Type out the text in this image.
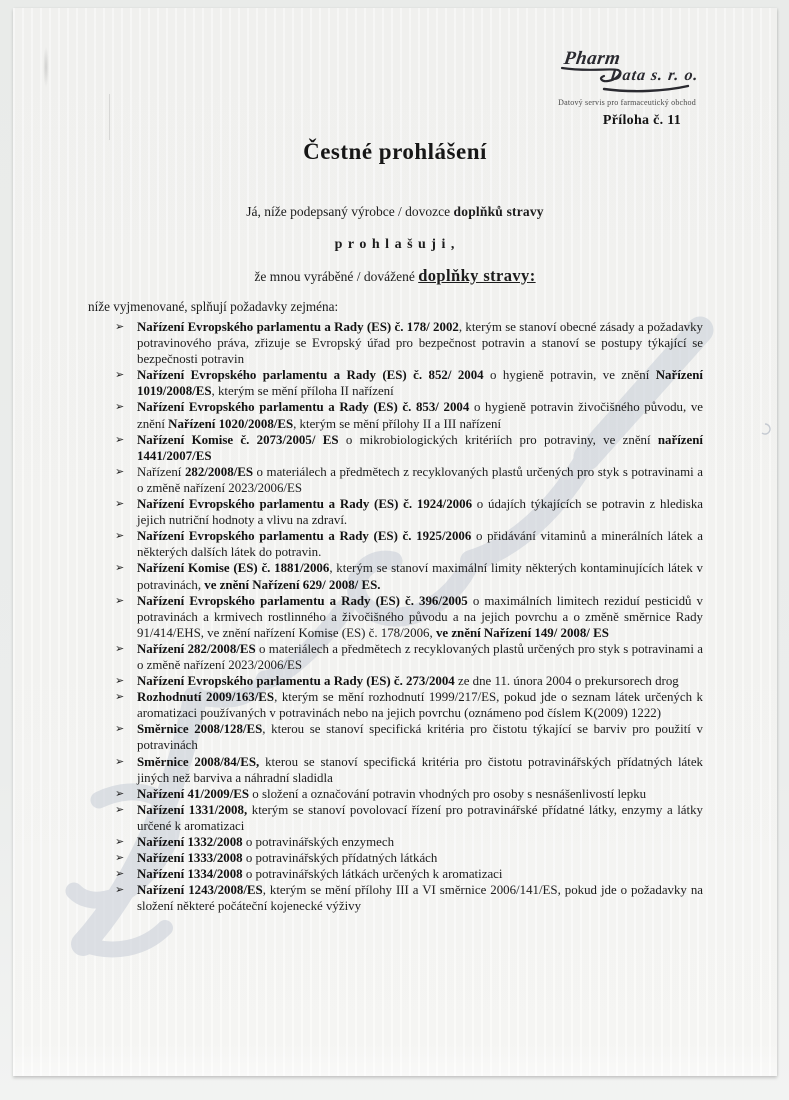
Pharm
Data s. r. o.
Datový servis pro farmaceutický obchod
Příloha č. 11
Čestné prohlášení

Já, níže podepsaný výrobce / dovozce doplňků stravy

p r o h l a š u j i ,

že mnou vyráběné / dovážené doplňky stravy:

níže vyjmenované, splňují požadavky zejména:

➢ Nařízení Evropského parlamentu a Rady (ES) č. 178/ 2002, kterým se stanoví obecné zásady a požadavky potravinového práva, zřizuje se Evropský úřad pro bezpečnost potravin a stanoví se postupy týkající se bezpečnosti potravin
➢ Nařízení Evropského parlamentu a Rady (ES) č. 852/ 2004 o hygieně potravin, ve znění Nařízení 1019/2008/ES, kterým se mění příloha II nařízení
➢ Nařízení Evropského parlamentu a Rady (ES) č. 853/ 2004 o hygieně potravin živočišného původu, ve znění Nařízení 1020/2008/ES, kterým se mění přílohy II a III nařízení
➢ Nařízení Komise č. 2073/2005/ ES o mikrobiologických kritériích pro potraviny, ve znění nařízení 1441/2007/ES
➢ Nařízení 282/2008/ES o materiálech a předmětech z recyklovaných plastů určených pro styk s potravinami a o změně nařízení 2023/2006/ES
➢ Nařízení Evropského parlamentu a Rady (ES) č. 1924/2006 o údajích týkajících se potravin z hlediska jejich nutriční hodnoty a vlivu na zdraví.
➢ Nařízení Evropského parlamentu a Rady (ES) č. 1925/2006 o přidávání vitaminů a minerálních látek a některých dalších látek do potravin.
➢ Nařízení Komise (ES) č. 1881/2006, kterým se stanoví maximální limity některých kontaminujících látek v potravinách, ve znění Nařízení 629/ 2008/ ES.
➢ Nařízení Evropského parlamentu a Rady (ES) č. 396/2005 o maximálních limitech reziduí pesticidů v potravinách a krmivech rostlinného a živočišného původu a na jejich povrchu a o změně směrnice Rady 91/414/EHS, ve znění nařízení Komise (ES) č. 178/2006, ve znění Nařízení 149/ 2008/ ES
➢ Nařízení 282/2008/ES o materiálech a předmětech z recyklovaných plastů určených pro styk s potravinami a o změně nařízení 2023/2006/ES
➢ Nařízení Evropského parlamentu a Rady (ES) č. 273/2004 ze dne 11. února 2004 o prekursorech drog
➢ Rozhodnutí 2009/163/ES, kterým se mění rozhodnutí 1999/217/ES, pokud jde o seznam látek určených k aromatizaci používaných v potravinách nebo na jejich povrchu (oznámeno pod číslem K(2009) 1222)
➢ Směrnice 2008/128/ES, kterou se stanoví specifická kritéria pro čistotu týkající se barviv pro použití v potravinách
➢ Směrnice 2008/84/ES, kterou se stanoví specifická kritéria pro čistotu potravinářských přídatných látek jiných než barviva a náhradní sladidla
➢ Nařízení 41/2009/ES o složení a označování potravin vhodných pro osoby s nesnášenlivostí lepku
➢ Nařízení 1331/2008, kterým se stanoví povolovací řízení pro potravinářské přídatné látky, enzymy a látky určené k aromatizaci
➢ Nařízení 1332/2008 o potravinářských enzymech
➢ Nařízení 1333/2008 o potravinářských přídatných látkách
➢ Nařízení 1334/2008 o potravinářských látkách určených k aromatizaci
➢ Nařízení 1243/2008/ES, kterým se mění přílohy III a VI směrnice 2006/141/ES, pokud jde o požadavky na složení některé počáteční kojenecké výživy
